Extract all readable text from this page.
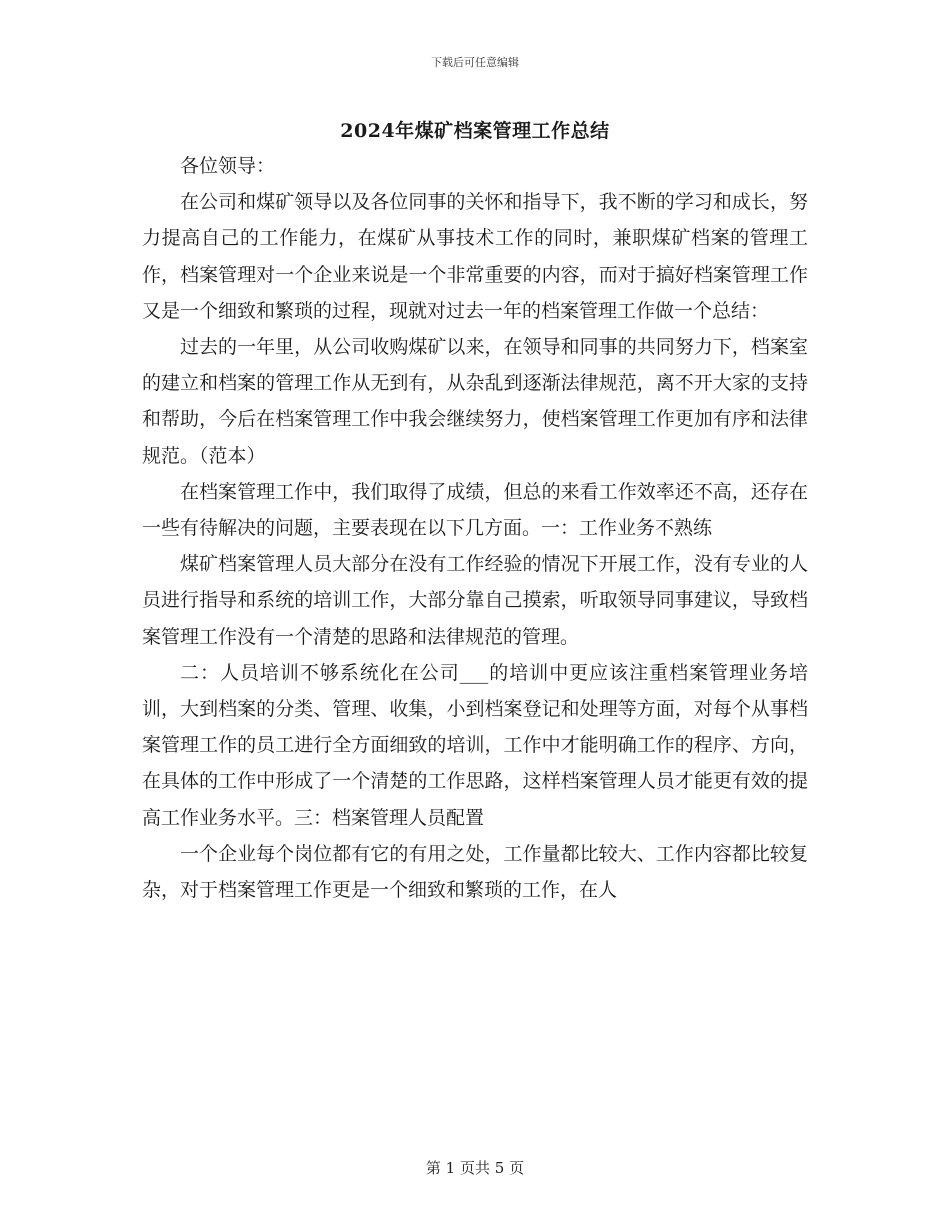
下载后可任意编辑
2024年煤矿档案管理工作总结

各位领导：

在公司和煤矿领导以及各位同事的关怀和指导下，我不断的学习和成长，努力提高自己的工作能力，在煤矿从事技术工作的同时，兼职煤矿档案的管理工作，档案管理对一个企业来说是一个非常重要的内容，而对于搞好档案管理工作又是一个细致和繁琐的过程，现就对过去一年的档案管理工作做一个总结：

过去的一年里，从公司收购煤矿以来，在领导和同事的共同努力下，档案室的建立和档案的管理工作从无到有，从杂乱到逐渐法律规范，离不开大家的支持和帮助，今后在档案管理工作中我会继续努力，使档案管理工作更加有序和法律规范。（范本）

在档案管理工作中，我们取得了成绩，但总的来看工作效率还不高，还存在一些有待解决的问题，主要表现在以下几方面。一：工作业务不熟练

煤矿档案管理人员大部分在没有工作经验的情况下开展工作，没有专业的人员进行指导和系统的培训工作，大部分靠自己摸索，听取领导同事建议，导致档案管理工作没有一个清楚的思路和法律规范的管理。

二：人员培训不够系统化在公司___的培训中更应该注重档案管理业务培训，大到档案的分类、管理、收集，小到档案登记和处理等方面，对每个从事档案管理工作的员工进行全方面细致的培训，工作中才能明确工作的程序、方向，在具体的工作中形成了一个清楚的工作思路，这样档案管理人员才能更有效的提高工作业务水平。三：档案管理人员配置

一个企业每个岗位都有它的有用之处，工作量都比较大、工作内容都比较复杂，对于档案管理工作更是一个细致和繁琐的工作，在人

第 1 页共 5 页
